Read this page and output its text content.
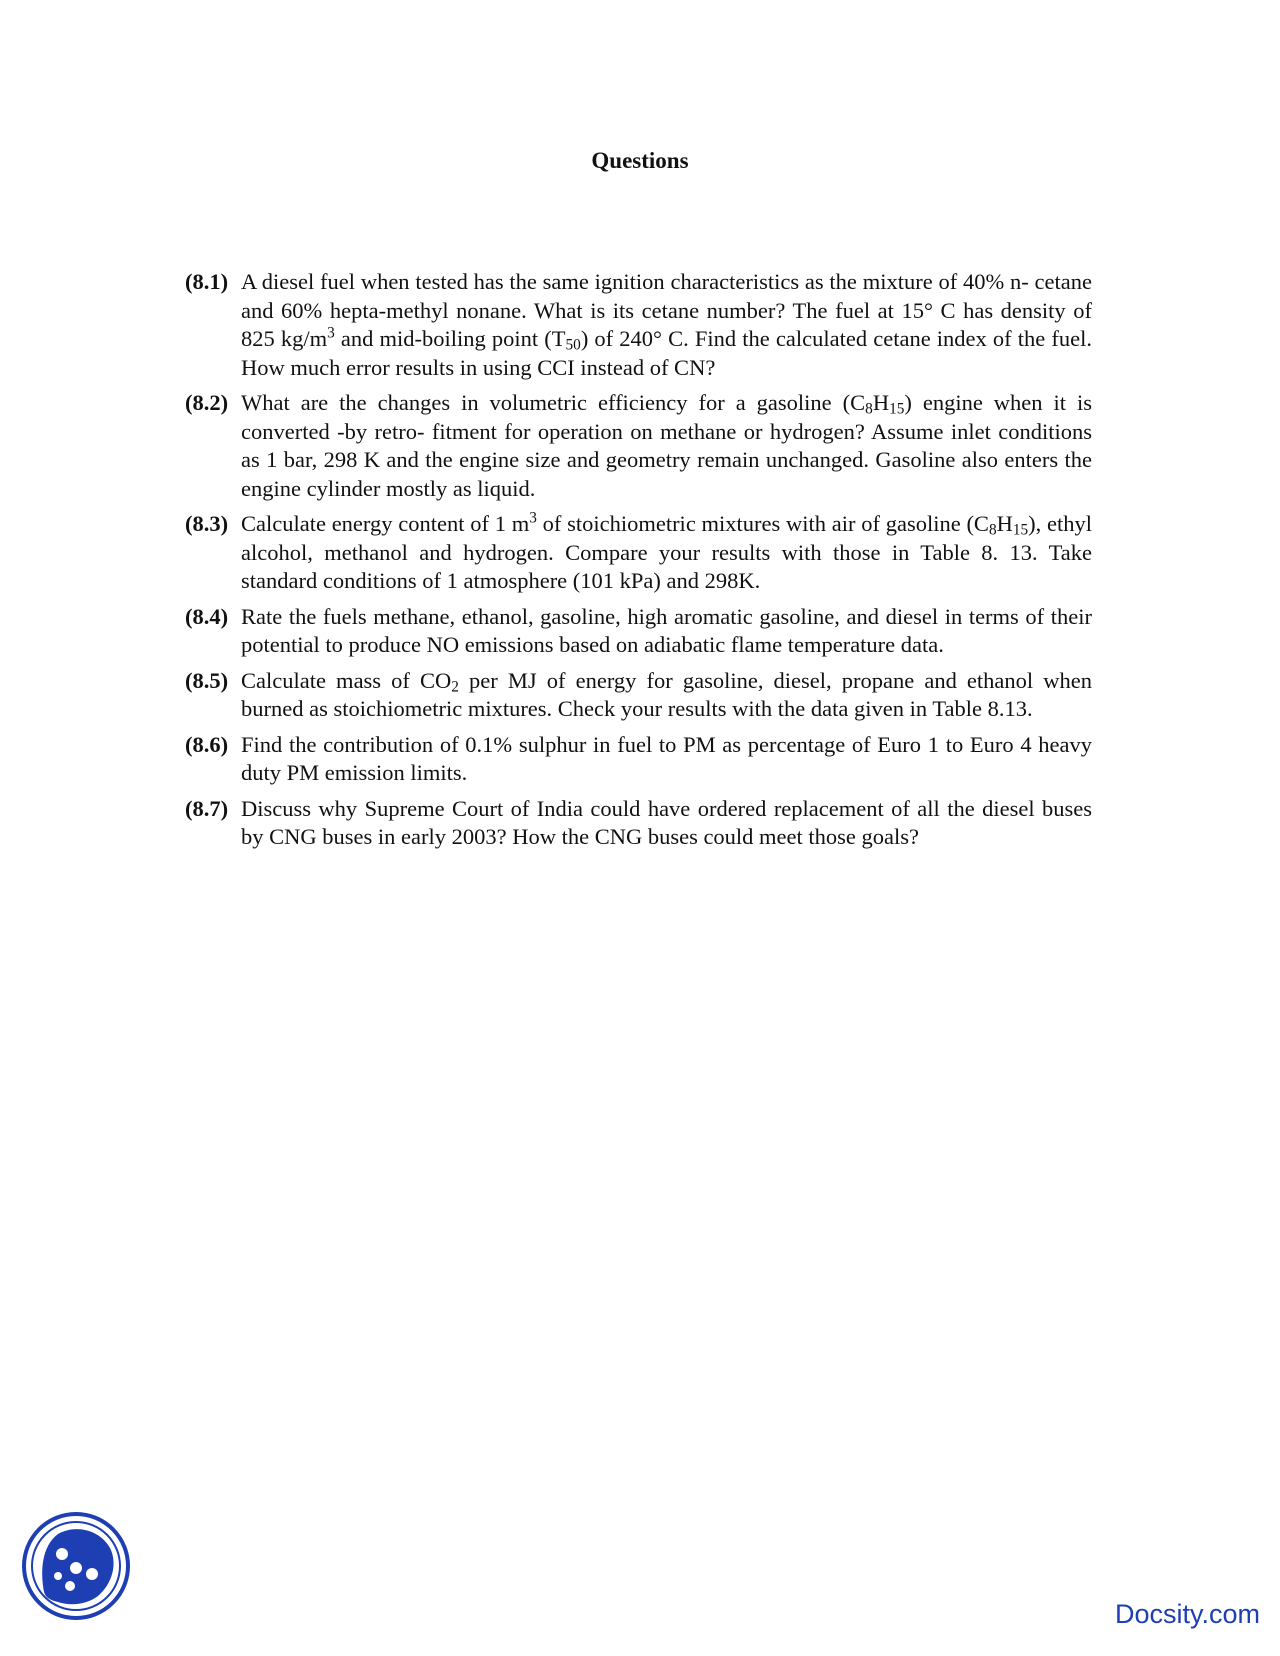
Questions
(8.1) A diesel fuel when tested has the same ignition characteristics as the mixture of 40% n- cetane and 60% hepta-methyl nonane. What is its cetane number? The fuel at 15° C has density of 825 $kg/m^3$ and mid-boiling point $(T_{50})$ of 240° C. Find the calculated cetane index of the fuel. How much error results in using CCI instead of CN?
(8.2) What are the changes in volumetric efficiency for a gasoline $(C_8H_{15})$ engine when it is converted -by retro- fitment for operation on methane or hydrogen? Assume inlet conditions as 1 bar, 298 K and the engine size and geometry remain unchanged. Gasoline also enters the engine cylinder mostly as liquid.
(8.3) Calculate energy content of 1 $m^3$ of stoichiometric mixtures with air of gasoline $(C_8H_{15})$, ethyl alcohol, methanol and hydrogen. Compare your results with those in Table 8. 13. Take standard conditions of 1 atmosphere (101 kPa) and 298K.
(8.4) Rate the fuels methane, ethanol, gasoline, high aromatic gasoline, and diesel in terms of their potential to produce NO emissions based on adiabatic flame temperature data.
(8.5) Calculate mass of $CO_2$ per MJ of energy for gasoline, diesel, propane and ethanol when burned as stoichiometric mixtures. Check your results with the data given in Table 8.13.
(8.6) Find the contribution of 0.1% sulphur in fuel to PM as percentage of Euro 1 to Euro 4 heavy duty PM emission limits.
(8.7) Discuss why Supreme Court of India could have ordered replacement of all the diesel buses by CNG buses in early 2003? How the CNG buses could meet those goals?
Docsity.com
